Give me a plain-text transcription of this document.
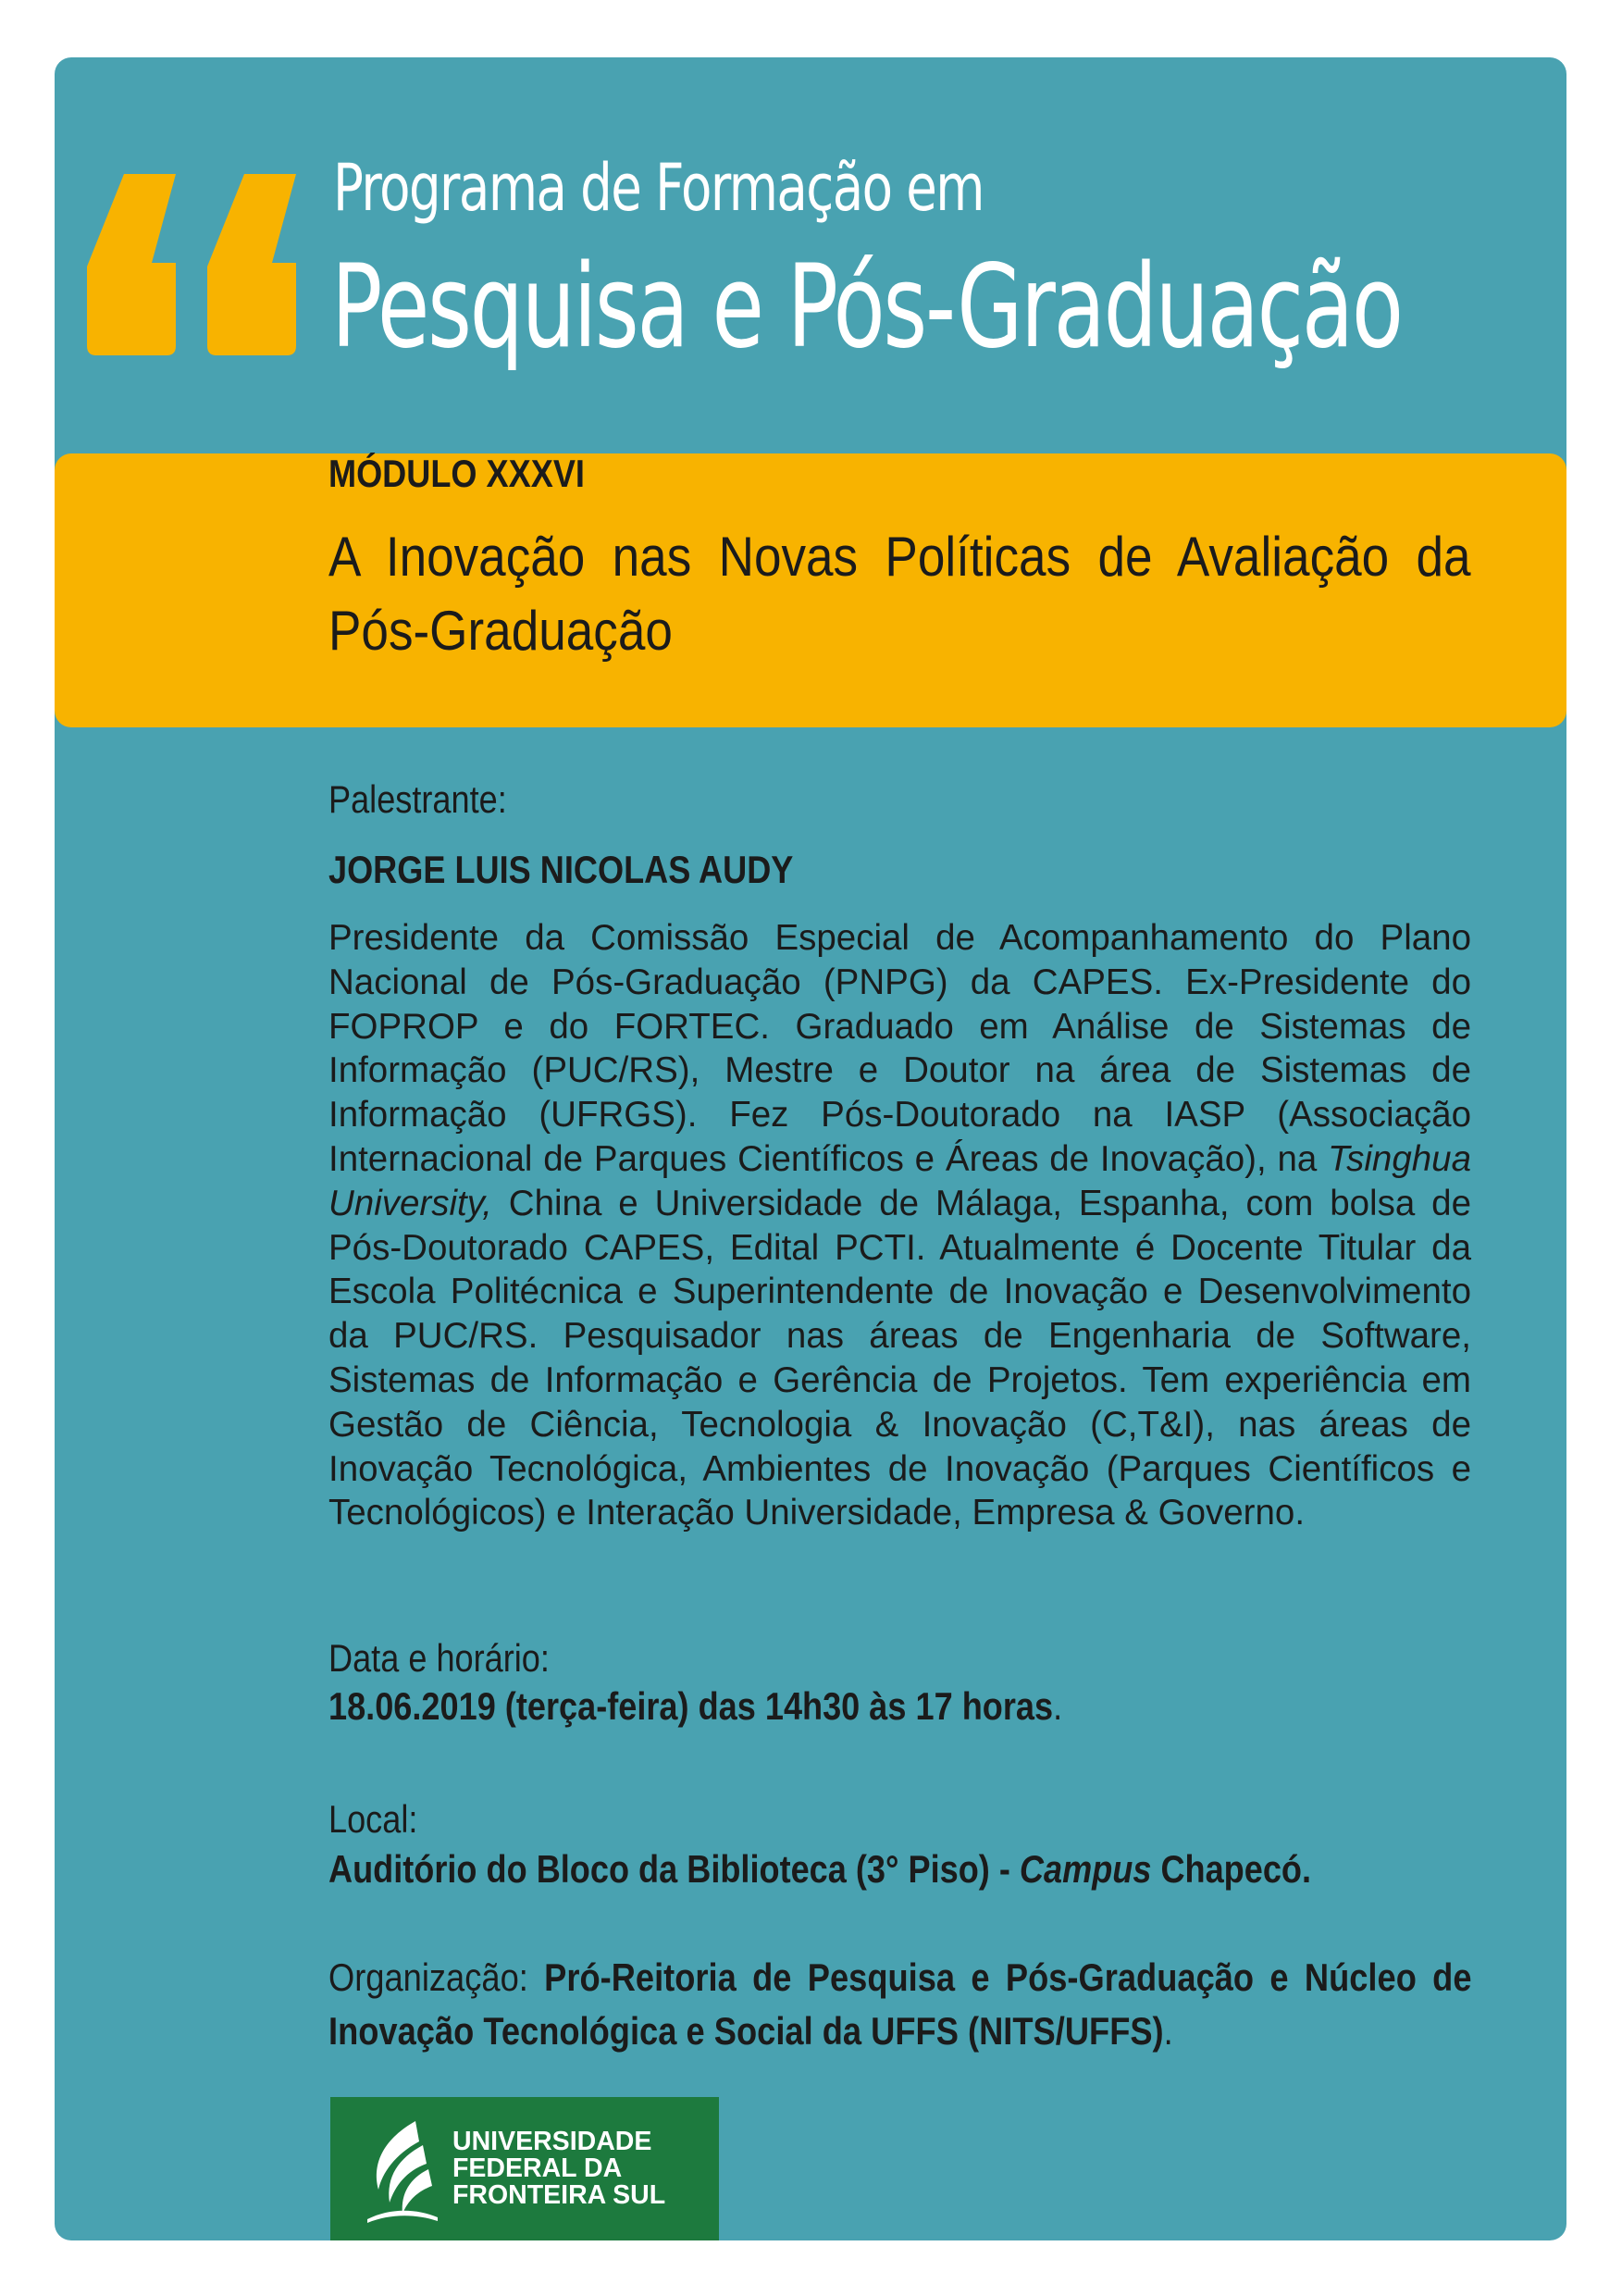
Programa de Formação em
Pesquisa e Pós-Graduação
MÓDULO XXXVI
A Inovação nas Novas Políticas de Avaliação da Pós-Graduação
Palestrante:
JORGE LUIS NICOLAS AUDY
Presidente da Comissão Especial de Acompanhamento do Plano Nacional de Pós-Graduação (PNPG) da CAPES. Ex-Presidente do FOPROP e do FORTEC. Graduado em Análise de Sistemas de Informação (PUC/RS), Mestre e Doutor na área de Sistemas de Informação (UFRGS). Fez Pós-Doutorado na IASP (Associação Internacional de Parques Científicos e Áreas de Inovação), na Tsinghua University, China e Universidade de Málaga, Espanha, com bolsa de Pós-Doutorado CAPES, Edital PCTI. Atualmente é Docente Titular da Escola Politécnica e Superintendente de Inovação e Desenvolvimento da PUC/RS. Pesquisador nas áreas de Engenharia de Software, Sistemas de Informação e Gerência de Projetos. Tem experiência em Gestão de Ciência, Tecnologia & Inovação (C,T&I), nas áreas de Inovação Tecnológica, Ambientes de Inovação (Parques Científicos e Tecnológicos) e Interação Universidade, Empresa & Governo.
Data e horário:
18.06.2019 (terça-feira) das 14h30 às 17 horas.
Local:
Auditório do Bloco da Biblioteca (3° Piso) - Campus Chapecó.
Organização: Pró-Reitoria de Pesquisa e Pós-Graduação e Núcleo de Inovação Tecnológica e Social da UFFS (NITS/UFFS).
UNIVERSIDADE
FEDERAL DA
FRONTEIRA SUL
